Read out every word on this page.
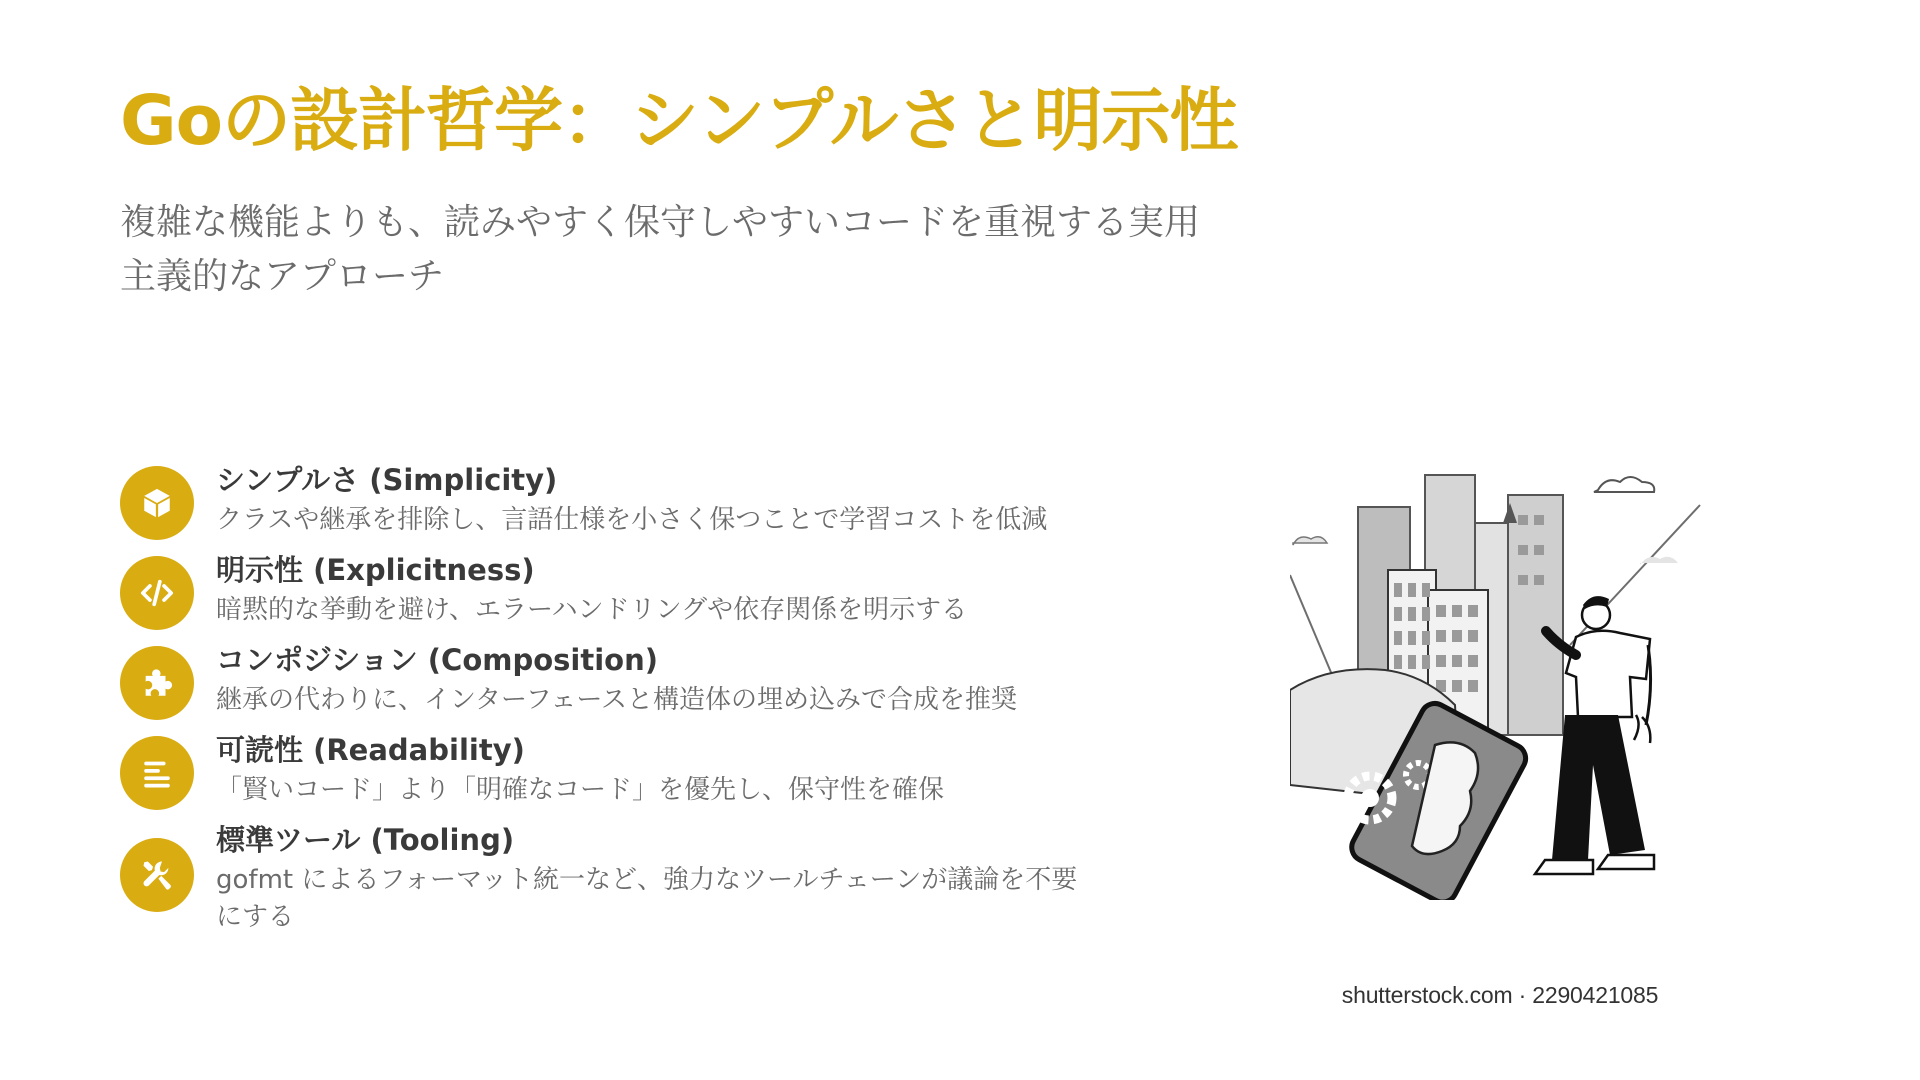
Goの設計哲学：シンプルさと明示性

複雑な機能よりも、読みやすく保守しやすいコードを重視する実用主義的なアプローチ

シンプルさ (Simplicity)
クラスや継承を排除し、言語仕様を小さく保つことで学習コストを低減
明示性 (Explicitness)
暗黙的な挙動を避け、エラーハンドリングや依存関係を明示する
コンポジション (Composition)
継承の代わりに、インターフェースと構造体の埋め込みで合成を推奨
可読性 (Readability)
「賢いコード」より「明確なコード」を優先し、保守性を確保
標準ツール (Tooling)
gofmt によるフォーマット統一など、強力なツールチェーンが議論を不要にする
shutterstock.com · 2290421085
